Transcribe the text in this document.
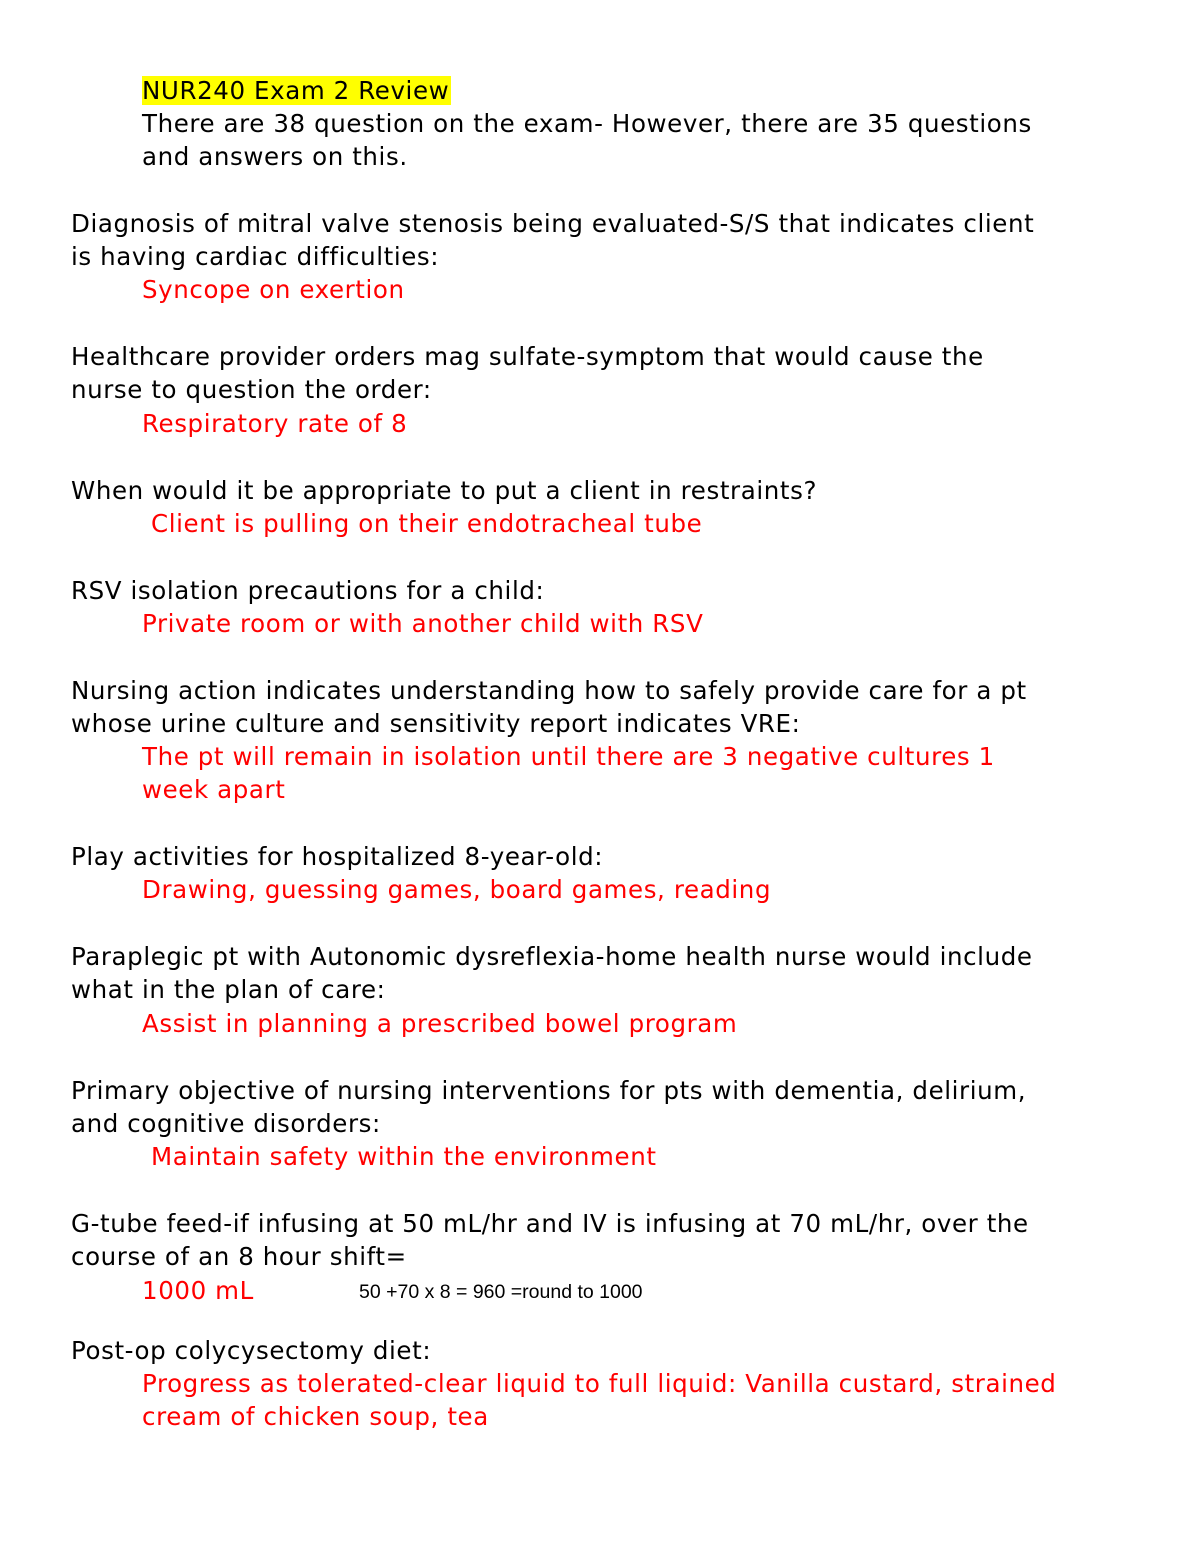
NUR240 Exam 2 Review
There are 38 question on the exam- However, there are 35 questions
and answers on this.
Diagnosis of mitral valve stenosis being evaluated-S/S that indicates client
is having cardiac difficulties:
Syncope on exertion
Healthcare provider orders mag sulfate-symptom that would cause the
nurse to question the order:
Respiratory rate of 8
When would it be appropriate to put a client in restraints?
Client is pulling on their endotracheal tube
RSV isolation precautions for a child:
Private room or with another child with RSV
Nursing action indicates understanding how to safely provide care for a pt
whose urine culture and sensitivity report indicates VRE:
The pt will remain in isolation until there are 3 negative cultures 1
week apart
Play activities for hospitalized 8-year-old:
Drawing, guessing games, board games, reading
Paraplegic pt with Autonomic dysreflexia-home health nurse would include
what in the plan of care:
Assist in planning a prescribed bowel program
Primary objective of nursing interventions for pts with dementia, delirium,
and cognitive disorders:
Maintain safety within the environment
G-tube feed-if infusing at 50 mL/hr and IV is infusing at 70 mL/hr, over the
course of an 8 hour shift=
1000 mL	50 +70 x 8 = 960 =round to 1000
Post-op colycysectomy diet:
Progress as tolerated-clear liquid to full liquid: Vanilla custard, strained
cream of chicken soup, tea
